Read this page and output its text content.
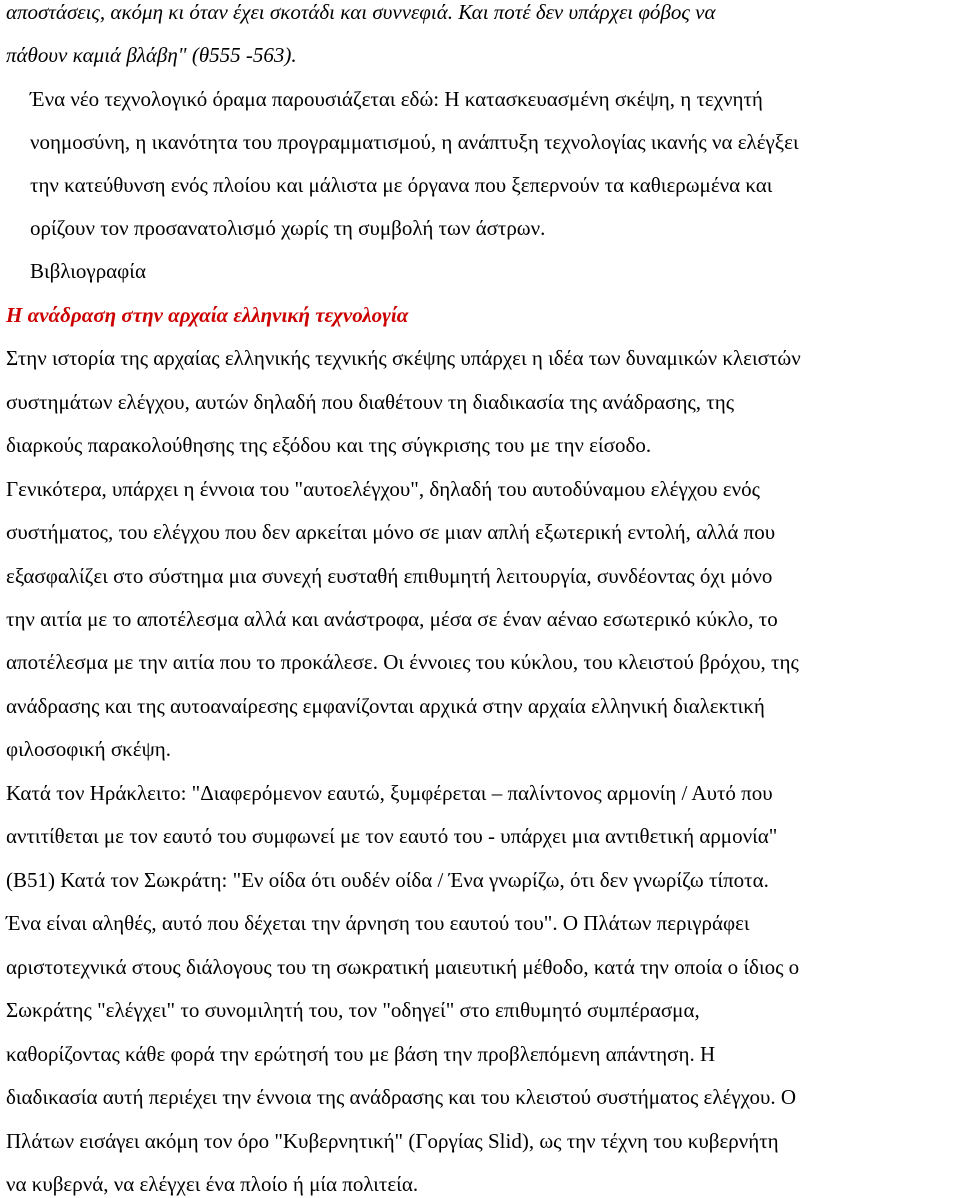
αποστάσεις, ακόμη κι όταν έχει σκοτάδι και συννεφιά. Και ποτέ δεν υπάρχει φόβος να
πάθουν καμιά βλάβη" (θ555 -563).
Ένα νέο τεχνολογικό όραμα παρουσιάζεται εδώ: Η κατασκευασμένη σκέψη, η τεχνητή
νοημοσύνη, η ικανότητα του προγραμματισμού, η ανάπτυξη τεχνολογίας ικανής να ελέγξει
την κατεύθυνση ενός πλοίου και μάλιστα με όργανα που ξεπερνούν τα καθιερωμένα και
ορίζουν τον προσανατολισμό χωρίς τη συμβολή των άστρων.
Βιβλιογραφία
Η ανάδραση στην αρχαία ελληνική τεχνολογία
Στην ιστορία της αρχαίας ελληνικής τεχνικής σκέψης υπάρχει η ιδέα των δυναμικών κλειστών
συστημάτων ελέγχου, αυτών δηλαδή που διαθέτουν τη διαδικασία της ανάδρασης, της
διαρκούς παρακολούθησης της εξόδου και της σύγκρισης του με την είσοδο.
Γενικότερα, υπάρχει η έννοια του "αυτοελέγχου", δηλαδή του αυτοδύναμου ελέγχου ενός
συστήματος, του ελέγχου που δεν αρκείται μόνο σε μιαν απλή εξωτερική εντολή, αλλά που
εξασφαλίζει στο σύστημα μια συνεχή ευσταθή επιθυμητή λειτουργία, συνδέοντας όχι μόνο
την αιτία με το αποτέλεσμα αλλά και ανάστροφα, μέσα σε έναν αέναο εσωτερικό κύκλο, το
αποτέλεσμα με την αιτία που το προκάλεσε. Οι έννοιες του κύκλου, του κλειστού βρόχου, της
ανάδρασης και της αυτοαναίρεσης εμφανίζονται αρχικά στην αρχαία ελληνική διαλεκτική
φιλοσοφική σκέψη.
Κατά τον Ηράκλειτο: "Διαφερόμενον εαυτώ, ξυμφέρεται – παλίντονος αρμονίη / Αυτό που
αντιτίθεται με τον εαυτό του συμφωνεί με τον εαυτό του - υπάρχει μια αντιθετική αρμονία"
(Β51) Κατά τον Σωκράτη: "Εν οίδα ότι ουδέν οίδα / Ένα γνωρίζω, ότι δεν γνωρίζω τίποτα.
Ένα είναι αληθές, αυτό που δέχεται την άρνηση του εαυτού του". Ο Πλάτων περιγράφει
αριστοτεχνικά στους διάλογους του τη σωκρατική μαιευτική μέθοδο, κατά την οποία ο ίδιος ο
Σωκράτης "ελέγχει" το συνομιλητή του, τον "οδηγεί" στο επιθυμητό συμπέρασμα,
καθορίζοντας κάθε φορά την ερώτησή του με βάση την προβλεπόμενη απάντηση. Η
διαδικασία αυτή περιέχει την έννοια της ανάδρασης και του κλειστού συστήματος ελέγχου. Ο
Πλάτων εισάγει ακόμη τον όρο "Κυβερνητική" (Γοργίας Slid), ως την τέχνη του κυβερνήτη
να κυβερνά, να ελέγχει ένα πλοίο ή μία πολιτεία.
